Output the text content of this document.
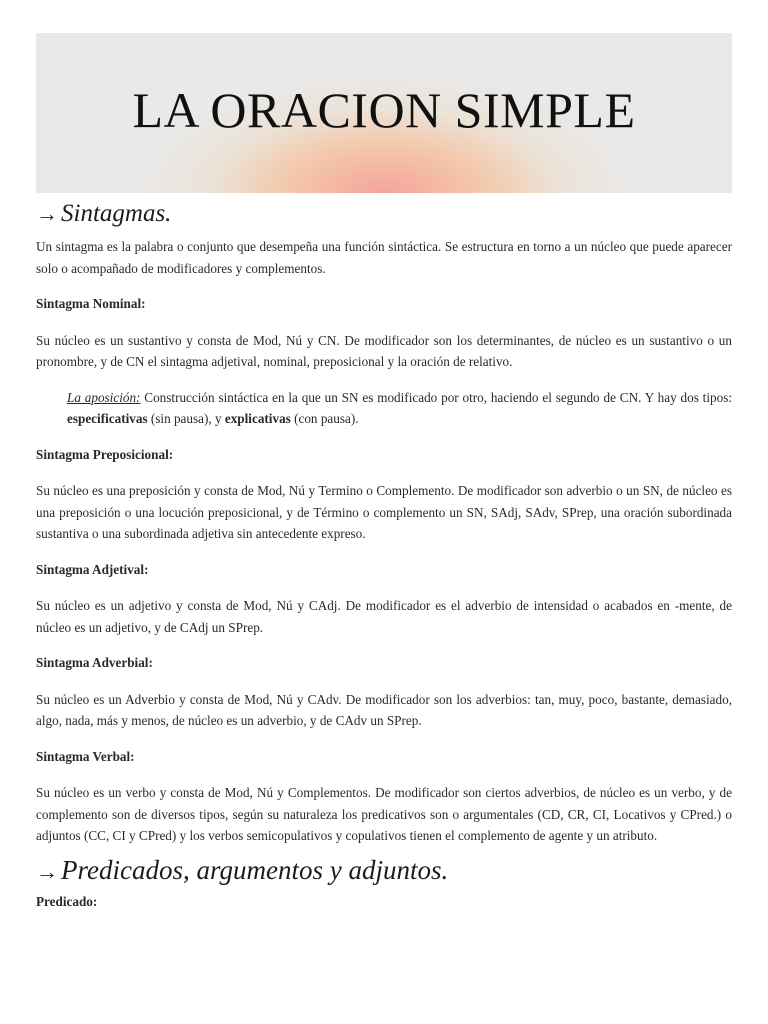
LA ORACION SIMPLE
→ Sintagmas.

Un sintagma es la palabra o conjunto que desempeña una función sintáctica. Se estructura en torno a un núcleo que puede aparecer solo o acompañado de modificadores y complementos.

Sintagma Nominal:

Su núcleo es un sustantivo y consta de Mod, Nú y CN. De modificador son los determinantes, de núcleo es un sustantivo o un pronombre, y de CN el sintagma adjetival, nominal, preposicional y la oración de relativo.

La aposición: Construcción sintáctica en la que un SN es modificado por otro, haciendo el segundo de CN. Y hay dos tipos: especificativas (sin pausa), y explicativas (con pausa).

Sintagma Preposicional:

Su núcleo es una preposición y consta de Mod, Nú y Termino o Complemento. De modificador son adverbio o un SN, de núcleo es una preposición o una locución preposicional, y de Término o complemento un SN, SAdj, SAdv, SPrep, una oración subordinada sustantiva o una subordinada adjetiva sin antecedente expreso.

Sintagma Adjetival:

Su núcleo es un adjetivo y consta de Mod, Nú y CAdj. De modificador es el adverbio de intensidad o acabados en -mente, de núcleo es un adjetivo, y de CAdj un SPrep.

Sintagma Adverbial:

Su núcleo es un Adverbio y consta de Mod, Nú y CAdv. De modificador son los adverbios: tan, muy, poco, bastante, demasiado, algo, nada, más y menos, de núcleo es un adverbio, y de CAdv un SPrep.

Sintagma Verbal:

Su núcleo es un verbo y consta de Mod, Nú y Complementos. De modificador son ciertos adverbios, de núcleo es un verbo, y de complemento son de diversos tipos, según su naturaleza los predicativos son o argumentales (CD, CR, CI, Locativos y CPred.) o adjuntos (CC, CI y CPred) y los verbos semicopulativos y copulativos tienen el complemento de agente y un atributo.

→ Predicados, argumentos y adjuntos.

Predicado:
